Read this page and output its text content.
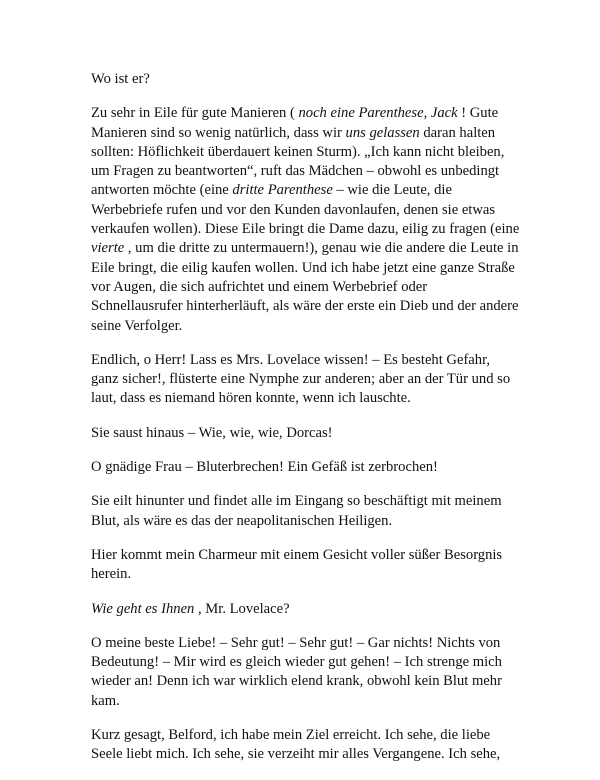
Wo ist er?

Zu sehr in Eile für gute Manieren ( noch eine Parenthese, Jack ! Gute Manieren sind so wenig natürlich, dass wir uns gelassen daran halten sollten: Höflichkeit überdauert keinen Sturm). „Ich kann nicht bleiben, um Fragen zu beantworten“, ruft das Mädchen – obwohl es unbedingt antworten möchte (eine dritte Parenthese – wie die Leute, die Werbebriefe rufen und vor den Kunden davonlaufen, denen sie etwas verkaufen wollen). Diese Eile bringt die Dame dazu, eilig zu fragen (eine vierte , um die dritte zu untermauern!), genau wie die andere die Leute in Eile bringt, die eilig kaufen wollen. Und ich habe jetzt eine ganze Straße vor Augen, die sich aufrichtet und einem Werbebrief oder Schnellausrufer hinterherläuft, als wäre der erste ein Dieb und der andere seine Verfolger.

Endlich, o Herr! Lass es Mrs. Lovelace wissen! – Es besteht Gefahr, ganz sicher!, flüsterte eine Nymphe zur anderen; aber an der Tür und so laut, dass es niemand hören konnte, wenn ich lauschte.

Sie saust hinaus – Wie, wie, wie, Dorcas!

O gnädige Frau – Bluterbrechen! Ein Gefäß ist zerbrochen!

Sie eilt hinunter und findet alle im Eingang so beschäftigt mit meinem Blut, als wäre es das der neapolitanischen Heiligen.

Hier kommt mein Charmeur mit einem Gesicht voller süßer Besorgnis herein.

Wie geht es Ihnen , Mr. Lovelace?

O meine beste Liebe! – Sehr gut! – Sehr gut! – Gar nichts! Nichts von Bedeutung! – Mir wird es gleich wieder gut gehen! – Ich strenge mich wieder an! Denn ich war wirklich elend krank, obwohl kein Blut mehr kam.

Kurz gesagt, Belford, ich habe mein Ziel erreicht. Ich sehe, die liebe Seele liebt mich. Ich sehe, sie verzeiht mir alles Vergangene. Ich sehe,
